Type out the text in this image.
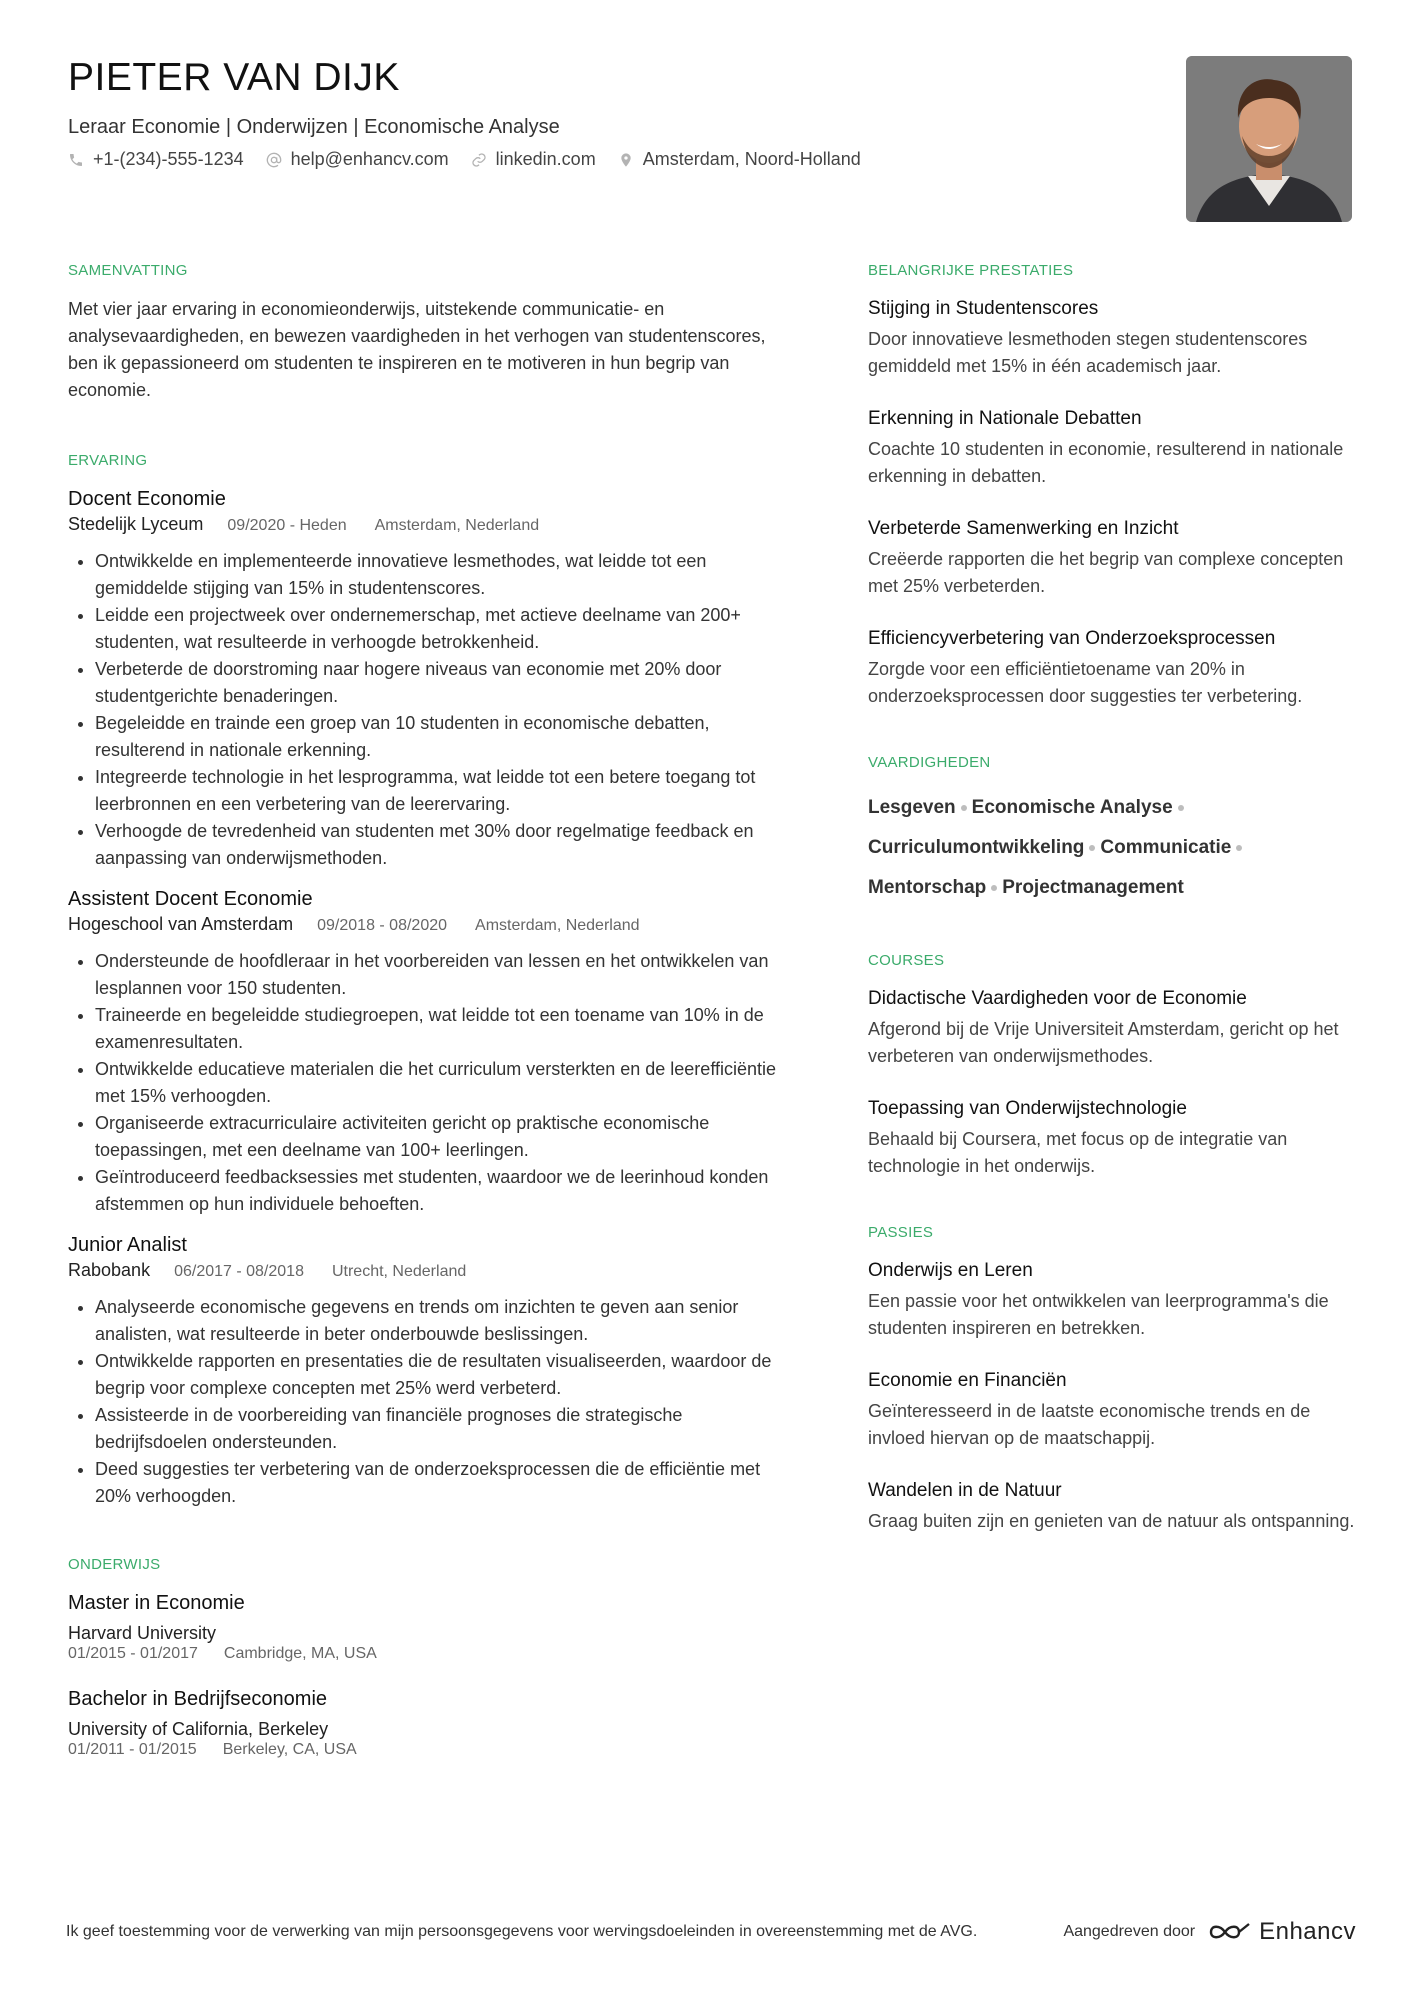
PIETER VAN DIJK
Leraar Economie | Onderwijzen | Economische Analyse
+1-(234)-555-1234	help@enhancv.com	linkedin.com	Amsterdam, Noord-Holland
SAMENVATTING

Met vier jaar ervaring in economieonderwijs, uitstekende communicatie- en analysevaardigheden, en bewezen vaardigheden in het verhogen van studentenscores, ben ik gepassioneerd om studenten te inspireren en te motiveren in hun begrip van economie.

ERVARING
Docent Economie
Stedelijk Lyceum 09/2020 - Heden Amsterdam, Nederland
• Ontwikkelde en implementeerde innovatieve lesmethodes, wat leidde tot een gemiddelde stijging van 15% in studentenscores.
• Leidde een projectweek over ondernemerschap, met actieve deelname van 200+ studenten, wat resulteerde in verhoogde betrokkenheid.
• Verbeterde de doorstroming naar hogere niveaus van economie met 20% door studentgerichte benaderingen.
• Begeleidde en trainde een groep van 10 studenten in economische debatten, resulterend in nationale erkenning.
• Integreerde technologie in het lesprogramma, wat leidde tot een betere toegang tot leerbronnen en een verbetering van de leerervaring.
• Verhoogde de tevredenheid van studenten met 30% door regelmatige feedback en aanpassing van onderwijsmethoden.
Assistent Docent Economie
Hogeschool van Amsterdam 09/2018 - 08/2020 Amsterdam, Nederland
• Ondersteunde de hoofdleraar in het voorbereiden van lessen en het ontwikkelen van lesplannen voor 150 studenten.
• Traineerde en begeleidde studiegroepen, wat leidde tot een toename van 10% in de examenresultaten.
• Ontwikkelde educatieve materialen die het curriculum versterkten en de leerefficiëntie met 15% verhoogden.
• Organiseerde extracurriculaire activiteiten gericht op praktische economische toepassingen, met een deelname van 100+ leerlingen.
• Geïntroduceerd feedbacksessies met studenten, waardoor we de leerinhoud konden afstemmen op hun individuele behoeften.
Junior Analist
Rabobank 06/2017 - 08/2018 Utrecht, Nederland
• Analyseerde economische gegevens en trends om inzichten te geven aan senior analisten, wat resulteerde in beter onderbouwde beslissingen.
• Ontwikkelde rapporten en presentaties die de resultaten visualiseerden, waardoor de begrip voor complexe concepten met 25% werd verbeterd.
• Assisteerde in de voorbereiding van financiële prognoses die strategische bedrijfsdoelen ondersteunden.
• Deed suggesties ter verbetering van de onderzoeksprocessen die de efficiëntie met 20% verhoogden.
ONDERWIJS
Master in Economie
Harvard University
01/2015 - 01/2017 Cambridge, MA, USA
Bachelor in Bedrijfseconomie
University of California, Berkeley
01/2011 - 01/2015 Berkeley, CA, USA
BELANGRIJKE PRESTATIES
Stijging in Studentenscores
Door innovatieve lesmethoden stegen studentenscores gemiddeld met 15% in één academisch jaar.
Erkenning in Nationale Debatten
Coachte 10 studenten in economie, resulterend in nationale erkenning in debatten.
Verbeterde Samenwerking en Inzicht
Creëerde rapporten die het begrip van complexe concepten met 25% verbeterden.
Efficiencyverbetering van Onderzoeksprocessen
Zorgde voor een efficiëntietoename van 20% in onderzoeksprocessen door suggesties ter verbetering.
VAARDIGHEDEN
Lesgeven Economische Analyse
Curriculumontwikkeling Communicatie
Mentorschap Projectmanagement
COURSES
Didactische Vaardigheden voor de Economie
Afgerond bij de Vrije Universiteit Amsterdam, gericht op het verbeteren van onderwijsmethodes.
Toepassing van Onderwijstechnologie
Behaald bij Coursera, met focus op de integratie van technologie in het onderwijs.
PASSIES
Onderwijs en Leren
Een passie voor het ontwikkelen van leerprogramma's die studenten inspireren en betrekken.
Economie en Financiën
Geïnteresseerd in de laatste economische trends en de invloed hiervan op de maatschappij.
Wandelen in de Natuur
Graag buiten zijn en genieten van de natuur als ontspanning.
Ik geef toestemming voor de verwerking van mijn persoonsgegevens voor wervingsdoeleinden in overeenstemming met de AVG.	Aangedreven door	Enhancv
